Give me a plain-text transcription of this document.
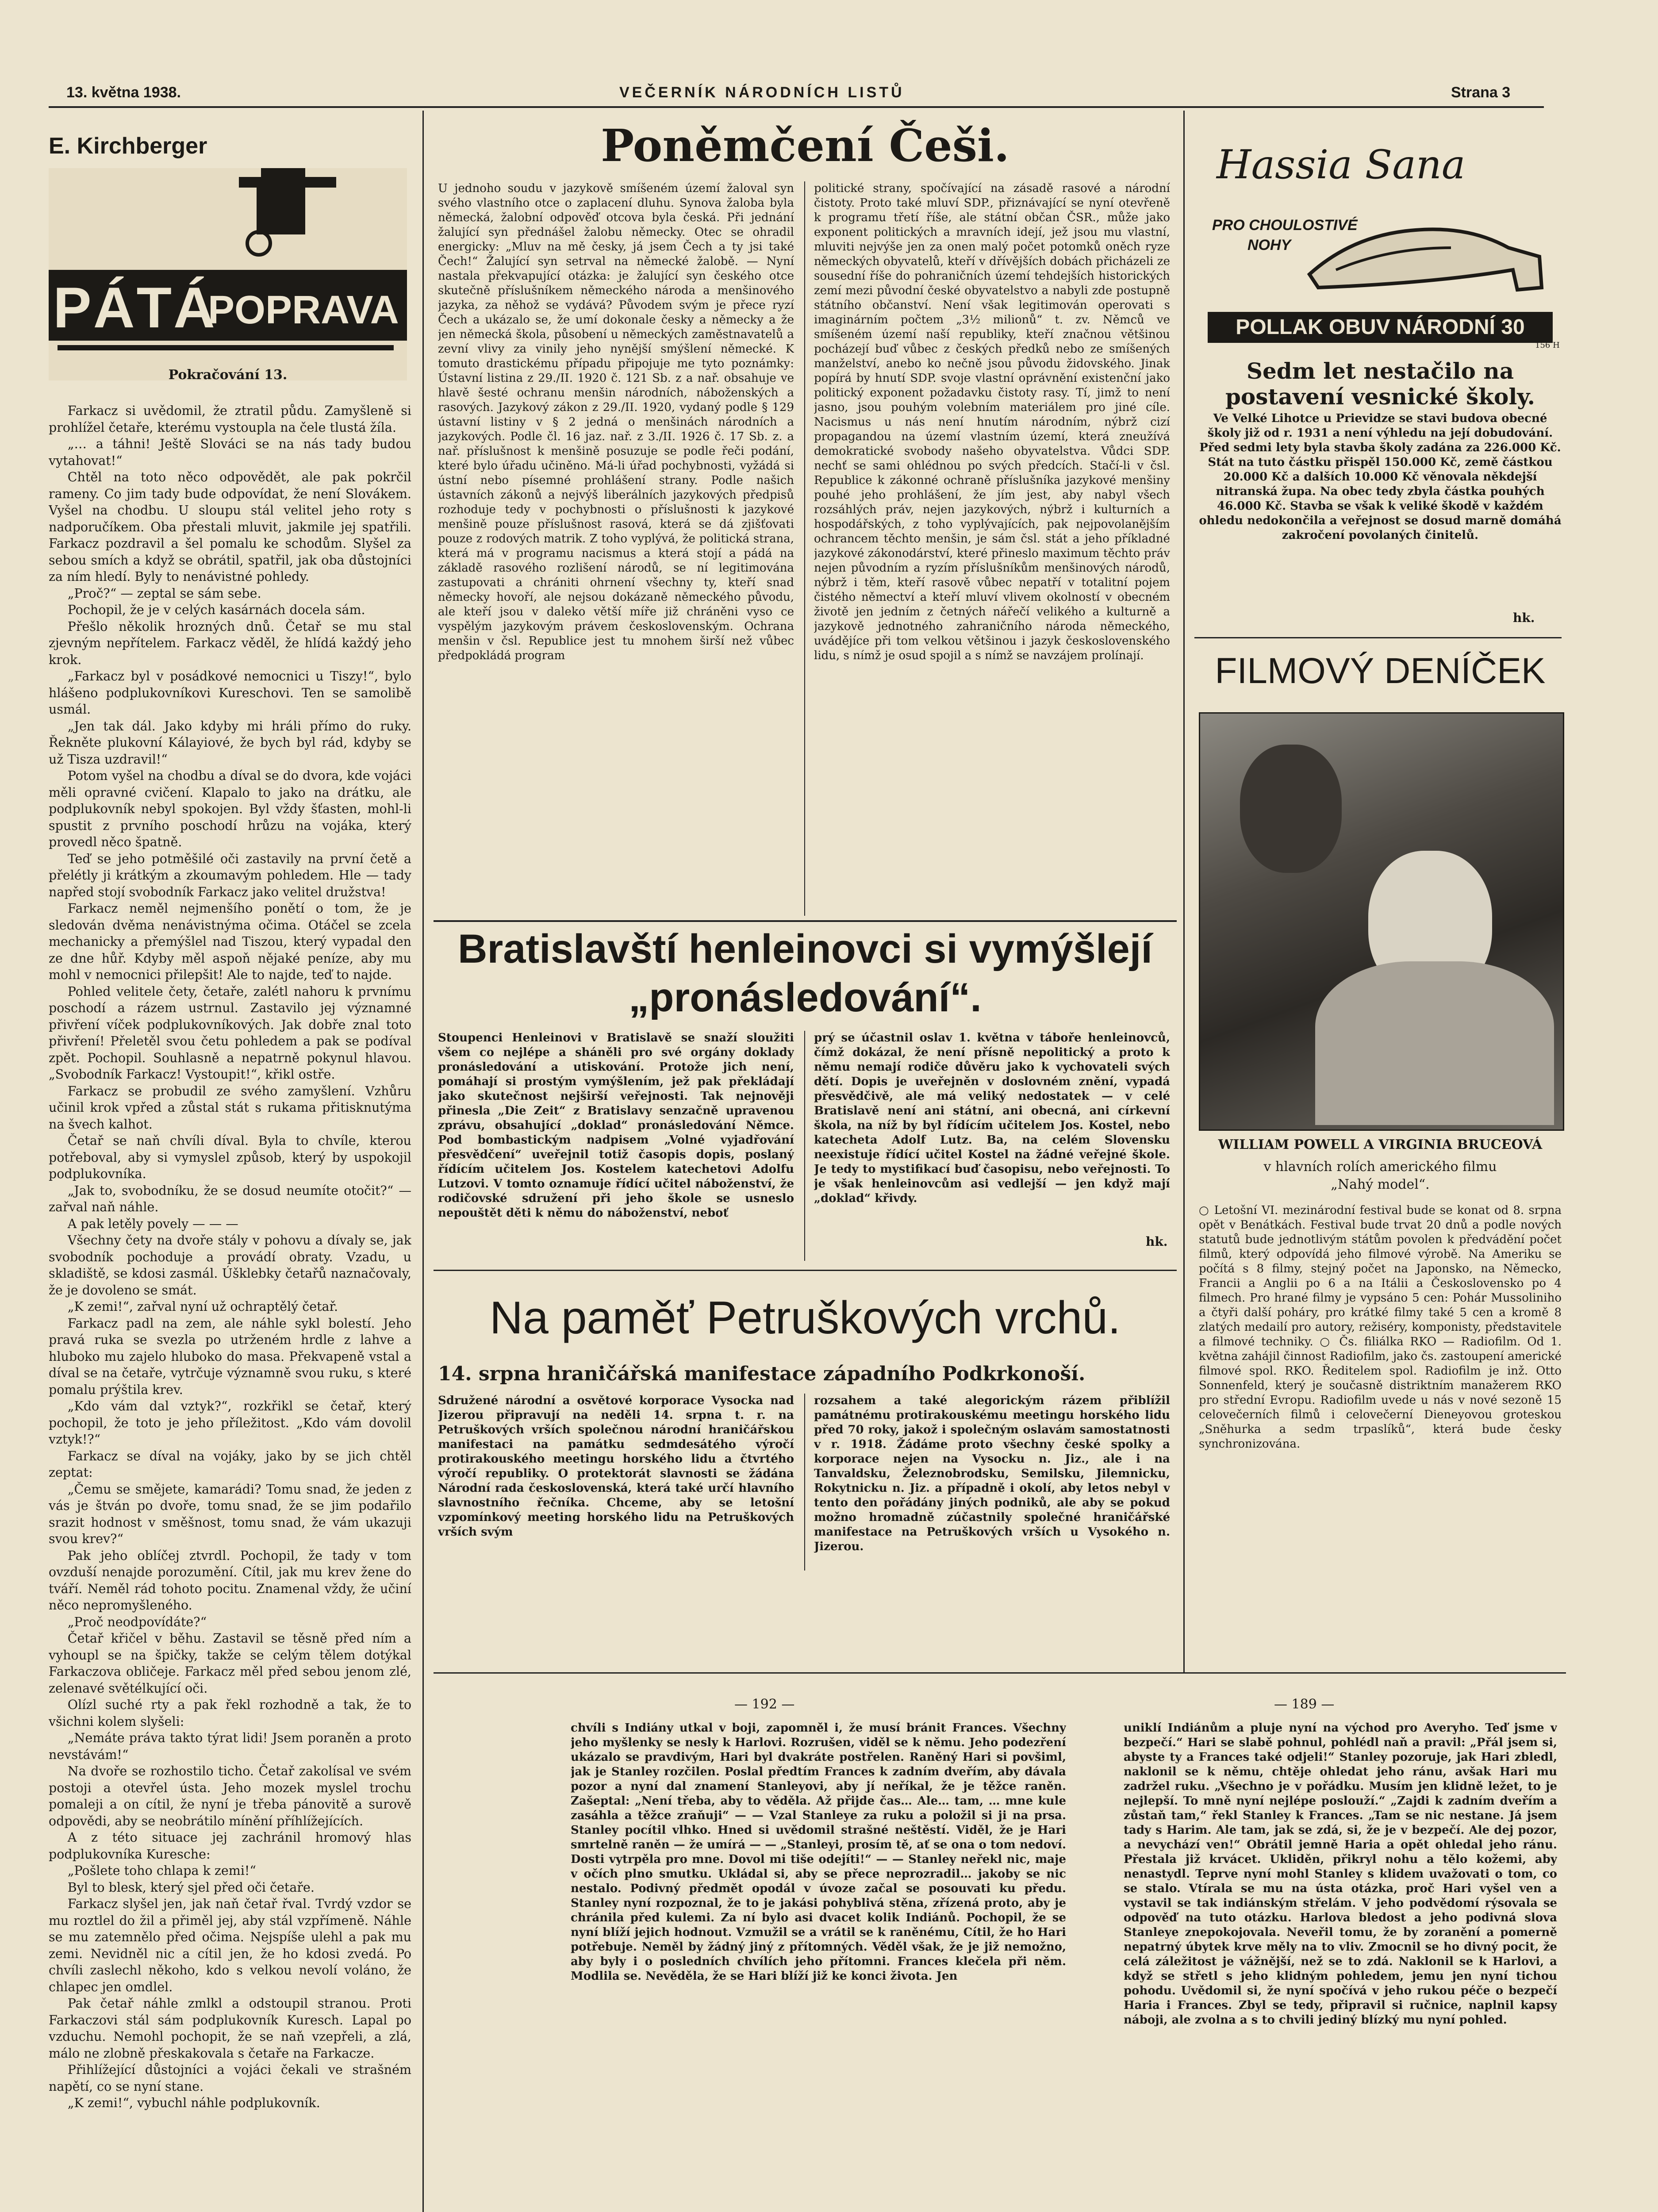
13. května 1938.	VEČERNÍK NÁRODNÍCH LISTŮ	Strana 3
E. Kirchberger
PÁTÁ
POPRAVA
Pokračování 13.

Farkacz si uvědomil, že ztratil půdu. Zamyšleně si prohlížel četaře, kterému vystoupla na čele tlustá žíla.

„… a táhni! Ještě Slováci se na nás tady budou vytahovat!“

Chtěl na toto něco odpovědět, ale pak pokrčil rameny. Co jim tady bude odpovídat, že není Slovákem. Vyšel na chodbu. U sloupu stál velitel jeho roty s nadporučíkem. Oba přestali mluvit, jakmile jej spatřili. Farkacz pozdravil a šel pomalu ke schodům. Slyšel za sebou smích a když se obrátil, spatřil, jak oba důstojníci za ním hledí. Byly to nenávistné pohledy.

„Proč?“ — zeptal se sám sebe.

Pochopil, že je v celých kasárnách docela sám.

Přešlo několik hrozných dnů. Četař se mu stal zjevným nepřítelem. Farkacz věděl, že hlídá každý jeho krok.

„Farkacz byl v posádkové nemocnici u Tiszy!“, bylo hlášeno podplukovníkovi Kureschovi. Ten se samolibě usmál.

„Jen tak dál. Jako kdyby mi hráli přímo do ruky. Řekněte plukovní Kálayiové, že bych byl rád, kdyby se už Tisza uzdravil!“

Potom vyšel na chodbu a díval se do dvora, kde vojáci měli opravné cvičení. Klapalo to jako na drátku, ale podplukovník nebyl spokojen. Byl vždy šťasten, mohl-li spustit z prvního poschodí hrůzu na vojáka, který provedl něco špatně.

Teď se jeho potměšilé oči zastavily na první četě a přelétly ji krátkým a zkoumavým pohledem. Hle — tady napřed stojí svobodník Farkacz jako velitel družstva!

Farkacz neměl nejmenšího ponětí o tom, že je sledován dvěma nenávistnýma očima. Otáčel se zcela mechanicky a přemýšlel nad Tiszou, který vypadal den ze dne hůř. Kdyby měl aspoň nějaké peníze, aby mu mohl v nemocnici přilepšit! Ale to najde, teď to najde.

Pohled velitele čety, četaře, zalétl nahoru k prvnímu poschodí a rázem ustrnul. Zastavilo jej významné přivření víček podplukovníkových. Jak dobře znal toto přivření! Přeletěl svou četu pohledem a pak se podíval zpět. Pochopil. Souhlasně a nepatrně pokynul hlavou. „Svobodník Farkacz! Vystoupit!“, křikl ostře.

Farkacz se probudil ze svého zamyšlení. Vzhůru učinil krok vpřed a zůstal stát s rukama přitisknutýma na švech kalhot.

Četař se naň chvíli díval. Byla to chvíle, kterou potřeboval, aby si vymyslel způsob, který by uspokojil podplukovníka.

„Jak to, svobodníku, že se dosud neumíte otočit?“ — zařval naň náhle.

A pak letěly povely — — —

Všechny čety na dvoře stály v pohovu a dívaly se, jak svobodník pochoduje a provádí obraty. Vzadu, u skladiště, se kdosi zasmál. Úšklebky četařů naznačovaly, že je dovoleno se smát.

„K zemi!“, zařval nyní už ochraptělý četař.

Farkacz padl na zem, ale náhle sykl bolestí. Jeho pravá ruka se svezla po utrženém hrdle z lahve a hluboko mu zajelo hluboko do masa. Překvapeně vstal a díval se na četaře, vytrčuje významně svou ruku, s které pomalu prýštila krev.

„Kdo vám dal vztyk?“, rozkřikl se četař, který pochopil, že toto je jeho příležitost. „Kdo vám dovolil vztyk!?“

Farkacz se díval na vojáky, jako by se jich chtěl zeptat:

„Čemu se smějete, kamarádi? Tomu snad, že jeden z vás je štván po dvoře, tomu snad, že se jim podařilo srazit hodnost v směšnost, tomu snad, že vám ukazuji svou krev?“

Pak jeho oblíčej ztvrdl. Pochopil, že tady v tom ovzduší nenajde porozumění. Cítil, jak mu krev žene do tváří. Neměl rád tohoto pocitu. Znamenal vždy, že učiní něco nepromyšleného.

„Proč neodpovídáte?“

Četař křičel v běhu. Zastavil se těsně před ním a vyhoupl se na špičky, takže se celým tělem dotýkal Farkaczova obličeje. Farkacz měl před sebou jenom zlé, zelenavé světélkující oči.

Olízl suché rty a pak řekl rozhodně a tak, že to všichni kolem slyšeli:

„Nemáte práva takto týrat lidi! Jsem poraněn a proto nevstávám!“

Na dvoře se rozhostilo ticho. Četař zakolísal ve svém postoji a otevřel ústa. Jeho mozek myslel trochu pomaleji a on cítil, že nyní je třeba pánovitě a surově odpovědi, aby se neobrátilo mínění příhlížejících.

A z této situace jej zachránil hromový hlas podplukovníka Kuresche:

„Pošlete toho chlapa k zemi!“

Byl to blesk, který sjel před oči četaře.

Farkacz slyšel jen, jak naň četař řval. Tvrdý vzdor se mu roztlel do žil a přiměl jej, aby stál vzpřímeně. Náhle se mu zatemnělo před očima. Nejspíše ulehl a pak mu zemi. Nevidněl nic a cítil jen, že ho kdosi zvedá. Po chvíli zaslechl někoho, kdo s velkou nevolí voláno, že chlapec jen omdlel.

Pak četař náhle zmlkl a odstoupil stranou. Proti Farkaczovi stál sám podplukovník Kuresch. Lapal po vzduchu. Nemohl pochopit, že se naň vzepřeli, a zlá, málo ne zlobně přeskakovala s četaře na Farkacze.

Přihlížející důstojníci a vojáci čekali ve strašném napětí, co se nyní stane.

„K zemi!“, vybuchl náhle podplukovník.

Poněmčení Češi.
U jednoho soudu v jazykově smíšeném území žaloval syn svého vlastního otce o zaplacení dluhu. Synova žaloba byla německá, žalobní odpověď otcova byla česká. Při jednání žalující syn přednášel žalobu německy. Otec se ohradil energicky: „Mluv na mě česky, já jsem Čech a ty jsi také Čech!“ Žalující syn setrval na německé žalobě. — Nyní nastala překvapující otázka: je žalující syn českého otce skutečně příslušníkem německého národa a menšinového jazyka, za něhož se vydává? Původem svým je přece ryzí Čech a ukázalo se, že umí dokonale česky a německy a že jen německá škola, působení u německých zaměstnavatelů a zevní vlivy za vinily jeho nynější smýšlení německé. K tomuto drastickému případu připojuje me tyto poznámky: Ústavní listina z 29./II. 1920 č. 121 Sb. z a nař. obsahuje ve hlavě šesté ochranu menšin národních, náboženských a rasových. Jazykový zákon z 29./II. 1920, vydaný podle § 129 ústavní listiny v § 2 jedná o menšinách národních a jazykových. Podle čl. 16 jaz. nař. z 3./II. 1926 č. 17 Sb. z. a nař. příslušnost k menšině posuzuje se podle řeči podání, které bylo úřadu učiněno. Má-li úřad pochybnosti, vyžádá si ústní nebo písemné prohlášení strany. Podle našich ústavních zákonů a nejvýš liberálních jazykových předpisů rozhoduje tedy v pochybnosti o příslušnosti k jazykové menšině pouze příslušnost rasová, která se dá zjišťovati pouze z rodových matrik. Z toho vyplývá, že politická strana, která má v programu nacismus a která stojí a pádá na základě rasového rozlišení národů, se ní legitimována zastupovati a chrániti ohrnení všechny ty, kteří snad německy hovoří, ale nejsou dokázaně německého původu, ale kteří jsou v daleko větší míře již chráněni vyso ce vyspělým jazykovým právem československým. Ochrana menšin v čsl. Republice jest tu mnohem širší než vůbec předpokládá program
politické strany, spočívající na zásadě rasové a národní čistoty. Proto také mluví SDP., přiznávající se nyní otevřeně k programu třetí říše, ale státní občan ČSR., může jako exponent politických a mravních idejí, jež jsou mu vlastní, mluviti nejvýše jen za onen malý počet potomků oněch ryze německých obyvatelů, kteří v dřívějších dobách přicházeli ze sousední říše do pohraničních území tehdejších historických zemí mezi původní české obyvatelstvo a nabyli zde postupně státního občanství. Není však legitimován operovati s imaginárním počtem „3½ milionů“ t. zv. Němců ve smíšeném území naší republiky, kteří značnou většinou pocházejí buď vůbec z českých předků nebo ze smíšených manželství, anebo ko nečně jsou původu židovského. Jinak popírá by hnutí SDP. svoje vlastní oprávnění existenční jako politický exponent požadavku čistoty rasy. Tí, jimž to není jasno, jsou pouhým volebním materiálem pro jiné cíle. Nacismus u nás není hnutím národním, nýbrž cizí propagandou na území vlastním území, která zneužívá demokratické svobody našeho obyvatelstva. Vůdci SDP. nechť se sami ohlédnou po svých předcích. Stačí-li v čsl. Republice k zákonné ochraně příslušníka jazykové menšiny pouhé jeho prohlášení, že jím jest, aby nabyl všech rozsáhlých práv, nejen jazykových, nýbrž i kulturních a hospodářských, z toho vyplývajících, pak nejpovolanějším ochrancem těchto menšin, je sám čsl. stát a jeho příkladné jazykové zákonodárství, které přineslo maximum těchto práv nejen původním a ryzím příslušníkům menšinových národů, nýbrž i těm, kteří rasově vůbec nepatří v totalitní pojem čistého němectví a kteří mluví vlivem okolností v obecném životě jen jedním z četných nářečí velikého a kulturně a jazykově jednotného zahraničního národa německého, uvádějíce při tom velkou většinou i jazyk československého lidu, s nímž je osud spojil a s nímž se navzájem prolínají.
Bratislavští henleinovci si vymýšlejí
„pronásledování“.
Stoupenci Henleinovi v Bratislavě se snaží sloužiti všem co nejlépe a sháněli pro své orgány doklady pronásledování a utiskování. Protože jich není, pomáhají si prostým vymýšlením, jež pak překládají jako skutečnost nejširší veřejnosti. Tak nejnověji přinesla „Die Zeit“ z Bratislavy senzačně upravenou zprávu, obsahující „doklad“ pronásledování Němce. Pod bombastickým nadpisem „Volné vyjadřování přesvědčení“ uveřejnil totiž časopis dopis, poslaný řídícím učitelem Jos. Kostelem katechetovi Adolfu Lutzovi. V tomto oznamuje řídící učitel náboženství, že rodičovské sdružení při jeho škole se usneslo nepouštět děti k němu do náboženství, neboť
prý se účastnil oslav 1. května v táboře henleinovců, čímž dokázal, že není přísně nepolitický a proto k němu nemají rodiče důvěru jako k vychovateli svých dětí. Dopis je uveřejněn v doslovném znění, vypadá přesvědčivě, ale má veliký nedostatek — v celé Bratislavě není ani státní, ani obecná, ani církevní škola, na níž by byl řídícím učitelem Jos. Kostel, nebo katecheta Adolf Lutz. Ba, na celém Slovensku neexistuje řídící učitel Kostel na žádné veřejné škole. Je tedy to mystifikací buď časopisu, nebo veřejnosti. To je však henleinovcům asi vedlejší — jen když mají „doklad“ křivdy.
hk.
Na paměť Petruškových vrchů.
14. srpna hraničářská manifestace západního Podkrkonoší.
Sdružené národní a osvětové korporace Vysocka nad Jizerou připravují na neděli 14. srpna t. r. na Petruškových vrších společnou národní hraničářskou manifestaci na památku sedmdesátého výročí protirakouského meetingu horského lidu a čtvrtého výročí republiky. O protektorát slavnosti se žádána Národní rada československá, která také určí hlavního slavnostního řečníka. Chceme, aby se letošní vzpomínkový meeting horského lidu na Petruškových vrších svým
rozsahem a také alegorickým rázem přiblížil památnému protirakouskému meetingu horského lidu před 70 roky, jakož i společným oslavám samostatnosti v r. 1918. Žádáme proto všechny české spolky a korporace nejen na Vysocku n. Jiz., ale i na Tanvaldsku, Železnobrodsku, Semilsku, Jilemnicku, Rokytnicku n. Jiz. a případně i okolí, aby letos nebyl v tento den pořádány jiných podniků, ale aby se pokud možno hromadně zúčastnily společné hraničářské manifestace na Petruškových vrších u Vysokého n. Jizerou.
Hassia Sana
PRO CHOULOSTIVÉ
NOHY
POLLAK OBUV NÁRODNÍ 30
156 H
Sedm let nestačilo na postavení vesnické školy.
Ve Velké Lihotce u Prievidze se stavi budova obecné školy již od r. 1931 a není výhledu na její dobudování. Před sedmi lety byla stavba školy zadána za 226.000 Kč. Stát na tuto částku přispěl 150.000 Kč, země částkou 20.000 Kč a dalších 10.000 Kč věnovala někdejší nitranská župa. Na obec tedy zbyla částka pouhých 46.000 Kč. Stavba se však k veliké škodě v každém ohledu nedokončila a veřejnost se dosud marně domáhá zakročení povolaných činitelů.
hk.
FILMOVÝ DENÍČEK
WILLIAM POWELL A VIRGINIA BRUCEOVÁ
v hlavních rolích amerického filmu
„Nahý model“.
○ Letošní VI. mezinárodní festival bude se konat od 8. srpna opět v Benátkách. Festival bude trvat 20 dnů a podle nových statutů bude jednotlivým státům povolen k předvádění počet filmů, který odpovídá jeho filmové výrobě. Na Ameriku se počítá s 8 filmy, stejný počet na Japonsko, na Německo, Francii a Anglii po 6 a na Itálii a Československo po 4 filmech. Pro hrané filmy je vypsáno 5 cen: Pohár Mussoliniho a čtyři další poháry, pro krátké filmy také 5 cen a kromě 8 zlatých medailí pro autory, režiséry, komponisty, představitele a filmové techniky. ○ Čs. filiálka RKO — Radiofilm. Od 1. května zahájil činnost Radiofilm, jako čs. zastoupení americké filmové spol. RKO. Ředitelem spol. Radiofilm je inž. Otto Sonnenfeld, který je současně distriktním manažerem RKO pro střední Evropu. Radiofilm uvede u nás v nové sezoně 15 celovečerních filmů i celovečerní Dieneyovou groteskou „Sněhurka a sedm trpaslíků“, která bude česky synchronizována.
— 192 —	— 189 —
chvíli s Indiány utkal v boji, zapomněl i, že musí bránit Frances. Všechny jeho myšlenky se nesly k Harlovi. Rozrušen, viděl se k němu. Jeho podezření ukázalo se pravdivým, Hari byl dvakráte postřelen. Raněný Hari si povšiml, jak je Stanley rozčilen. Poslal předtím Frances k zadním dveřím, aby dávala pozor a nyní dal znamení Stanleyovi, aby jí neříkal, že je těžce raněn. Zašeptal: „Není třeba, aby to věděla. Až přijde čas… Ale… tam, … mne kule zasáhla a těžce zraňuji“ — — Vzal Stanleye za ruku a položil si ji na prsa. Stanley pocítil vlhko. Hned si uvědomil strašné neštěstí. Viděl, že je Hari smrtelně raněn — že umírá — — „Stanleyi, prosím tě, ať se ona o tom nedoví. Dosti vytrpěla pro mne. Dovol mi tiše odejíti!“ — — Stanley neřekl nic, maje v očích plno smutku. Ukládal si, aby se přece neprozradil… jakoby se nic nestalo. Podivný předmět opodál v úvoze začal se posouvati ku předu. Stanley nyní rozpoznal, že to je jakási pohyblivá stěna, zřízená proto, aby je chránila před kulemi. Za ní bylo asi dvacet kolik Indiánů. Pochopil, že se nyní blíží jejich hodnout. Vzmužil se a vrátil se k raněnému, Cítil, že ho Hari potřebuje. Neměl by žádný jiný z přítomných. Věděl však, že je již nemožno, aby byly i o posledních chvílích jeho přítomni. Frances klečela při něm. Modlila se. Nevěděla, že se Hari blíží již ke konci života. Jen
uniklí Indiánům a pluje nyní na východ pro Averyho. Teď jsme v bezpečí.“ Hari se slabě pohnul, pohlédl naň a pravil: „Přál jsem si, abyste ty a Frances také odjeli!“ Stanley pozoruje, jak Hari zbledl, naklonil se k němu, chtěje ohledat jeho ránu, avšak Hari mu zadržel ruku. „Všechno je v pořádku. Musím jen klidně ležet, to je nejlepší. To mně nyní nejlépe poslouží.“ „Zajdi k zadním dveřím a zůstaň tam,“ řekl Stanley k Frances. „Tam se nic nestane. Já jsem tady s Harim. Ale tam, jak se zdá, si, že je v bezpečí. Ale dej pozor, a nevychází ven!“ Obrátil jemně Haria a opět ohledal jeho ránu. Přestala již krvácet. Ukliděn, přikryl nohu a tělo kožemi, aby nenastydl. Teprve nyní mohl Stanley s klidem uvažovati o tom, co se stalo. Vtírala se mu na ústa otázka, proč Hari vyšel ven a vystavil se tak indiánským střelám. V jeho podvědomí rýsovala se odpověď na tuto otázku. Harlova bledost a jeho podivná slova Stanleye znepokojovala. Neveřil tomu, že by zoranění a pomerně nepatrný úbytek krve měly na to vliv. Zmocnil se ho divný pocit, že celá záležitost je vážnější, než se to zdá. Naklonil se k Harlovi, a když se střetl s jeho klidným pohledem, jemu jen nyní tichou pohodu. Uvědomil si, že nyní spočívá v jeho rukou péče o bezpečí Haria i Frances. Zbyl se tedy, připravil si ručnice, naplnil kapsy náboji, ale zvolna a s to chvili jediný blízký mu nyní pohled.
